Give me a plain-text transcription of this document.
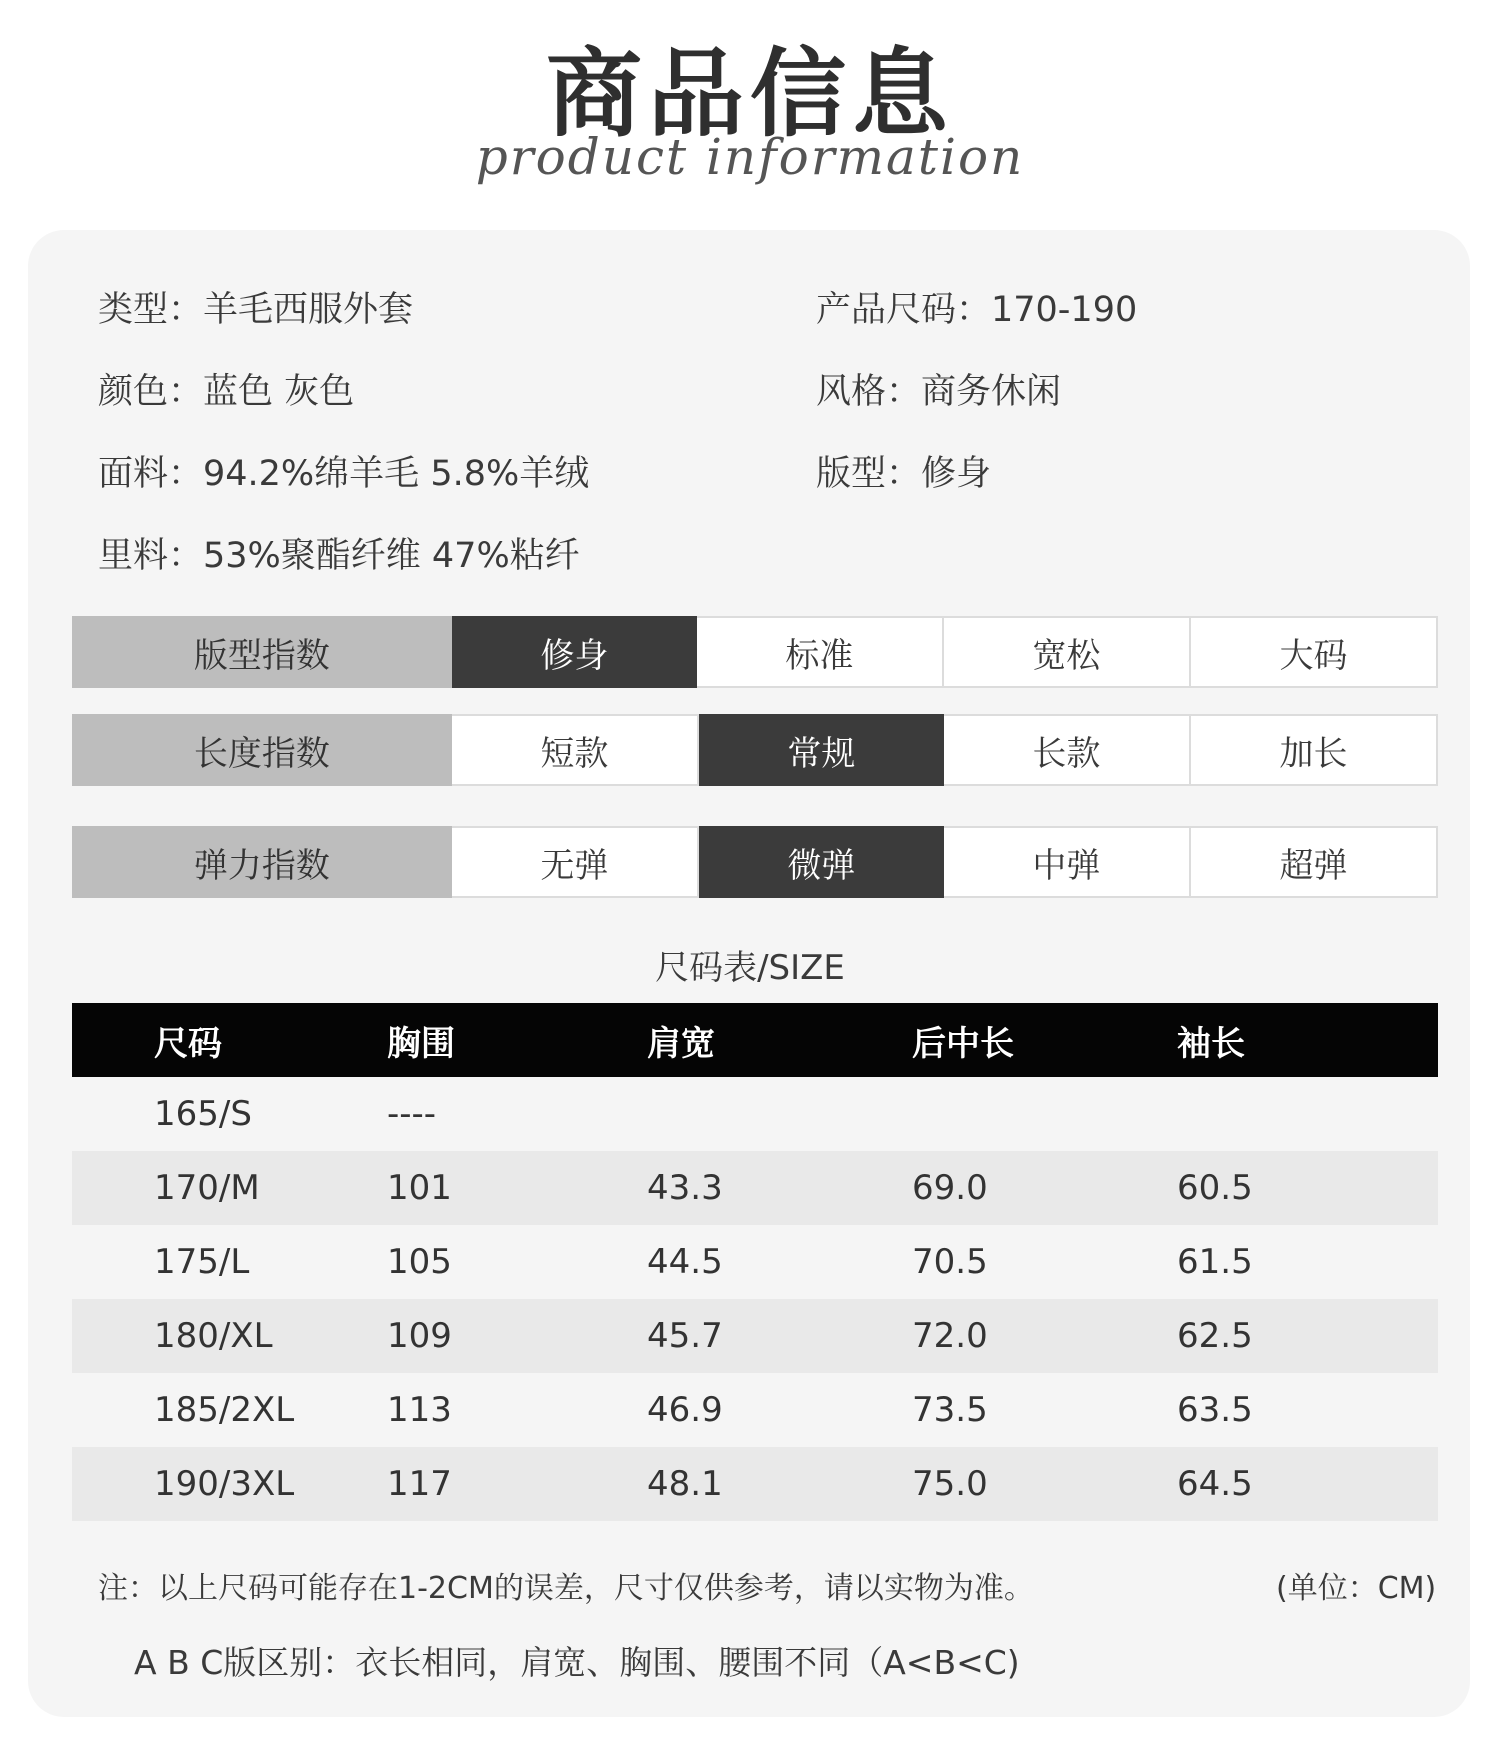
商品信息
product information
类型：羊毛西服外套	产品尺码：170-190
颜色：蓝色 灰色	风格：商务休闲
面料：94.2%绵羊毛 5.8%羊绒	版型：修身
里料：53%聚酯纤维 47%粘纤
版型指数	修身	标准	宽松	大码
长度指数	短款	常规	长款	加长
弹力指数	无弹	微弹	中弹	超弹
尺码表/SIZE
尺码	胸围	肩宽	后中长	袖长
165/S	----
170/M	101	43.3	69.0	60.5
175/L	105	44.5	70.5	61.5
180/XL	109	45.7	72.0	62.5
185/2XL	113	46.9	73.5	63.5
190/3XL	117	48.1	75.0	64.5
注：以上尺码可能存在1-2CM的误差，尺寸仅供参考，请以实物为准。	(单位：CM)
A B C版区别：衣长相同，肩宽、胸围、腰围不同（A<B<C)
